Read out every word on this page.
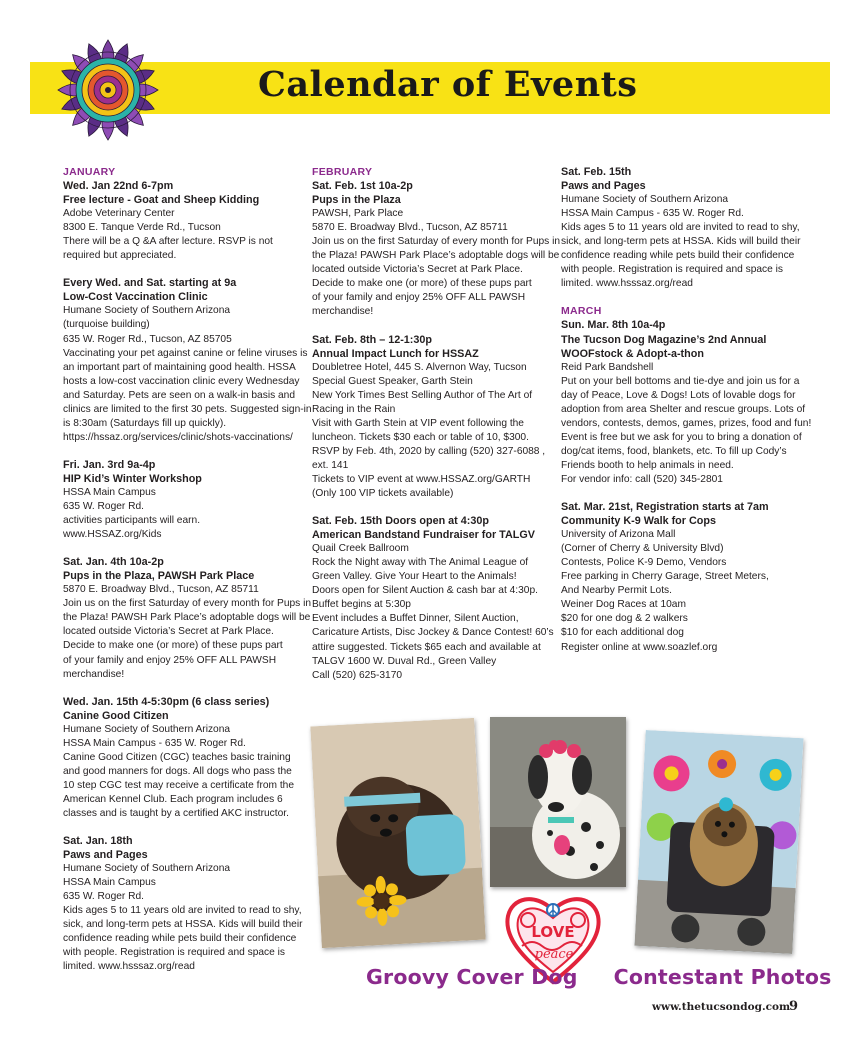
Calendar of Events
JANUARY
Wed. Jan 22nd 6-7pm
Free lecture - Goat and Sheep Kidding
Adobe Veterinary Center
8300 E. Tanque Verde Rd., Tucson
There will be a Q &A after lecture. RSVP is not
required but appreciated.
Every Wed. and Sat. starting at 9a
Low-Cost Vaccination Clinic
Humane Society of Southern Arizona
(turquoise building)
635 W. Roger Rd., Tucson, AZ 85705
Vaccinating your pet against canine or feline viruses is
an important part of maintaining good health. HSSA
hosts a low-cost vaccination clinic every Wednesday
and Saturday. Pets are seen on a walk-in basis and
clinics are limited to the first 30 pets. Suggested sign-in
is 8:30am (Saturdays fill up quickly).
https://hssaz.org/services/clinic/shots-vaccinations/
Fri. Jan. 3rd 9a-4p
HIP Kid’s Winter Workshop
HSSA Main Campus
635 W. Roger Rd.
activities participants will earn.
www.HSSAZ.org/Kids
Sat. Jan. 4th 10a-2p
Pups in the Plaza, PAWSH Park Place
5870 E. Broadway Blvd., Tucson, AZ 85711
Join us on the first Saturday of every month for Pups in
the Plaza! PAWSH Park Place’s adoptable dogs will be
located outside Victoria’s Secret at Park Place.
Decide to make one (or more) of these pups part
of your family and enjoy 25% OFF ALL PAWSH
merchandise!
Wed. Jan. 15th 4-5:30pm (6 class series)
Canine Good Citizen
Humane Society of Southern Arizona
HSSA Main Campus - 635 W. Roger Rd.
Canine Good Citizen (CGC) teaches basic training
and good manners for dogs. All dogs who pass the
10 step CGC test may receive a certificate from the
American Kennel Club. Each program includes 6
classes and is taught by a certified AKC instructor.
Sat. Jan. 18th
Paws and Pages
Humane Society of Southern Arizona
HSSA Main Campus
635 W. Roger Rd.
Kids ages 5 to 11 years old are invited to read to shy,
sick, and long-term pets at HSSA. Kids will build their
confidence reading while pets build their confidence
with people. Registration is required and space is
limited. www.hsssaz.org/read
FEBRUARY
Sat. Feb. 1st 10a-2p
Pups in the Plaza
PAWSH, Park Place
5870 E. Broadway Blvd., Tucson, AZ 85711
Join us on the first Saturday of every month for Pups in
the Plaza! PAWSH Park Place’s adoptable dogs will be
located outside Victoria’s Secret at Park Place.
Decide to make one (or more) of these pups part
of your family and enjoy 25% OFF ALL PAWSH
merchandise!
Sat. Feb. 8th – 12-1:30p
Annual Impact Lunch for HSSAZ
Doubletree Hotel, 445 S. Alvernon Way, Tucson
Special Guest Speaker, Garth Stein
New York Times Best Selling Author of The Art of
Racing in the Rain
Visit with Garth Stein at VIP event following the
luncheon. Tickets $30 each or table of 10, $300.
RSVP by Feb. 4th, 2020 by calling (520) 327-6088 ,
ext. 141
Tickets to VIP event at www.HSSAZ.org/GARTH
(Only 100 VIP tickets available)
Sat. Feb. 15th Doors open at 4:30p
American Bandstand Fundraiser for TALGV
Quail Creek Ballroom
Rock the Night away with The Animal League of
Green Valley. Give Your Heart to the Animals!
Doors open for Silent Auction & cash bar at 4:30p.
Buffet begins at 5:30p
Event includes a Buffet Dinner, Silent Auction,
Caricature Artists, Disc Jockey & Dance Contest! 60’s
attire suggested. Tickets $65 each and available at
TALGV 1600 W. Duval Rd., Green Valley
Call (520) 625-3170
Sat. Feb. 15th
Paws and Pages
Humane Society of Southern Arizona
HSSA Main Campus - 635 W. Roger Rd.
Kids ages 5 to 11 years old are invited to read to shy,
sick, and long-term pets at HSSA. Kids will build their
confidence reading while pets build their confidence
with people. Registration is required and space is
limited. www.hsssaz.org/read
MARCH
Sun. Mar. 8th 10a-4p
The Tucson Dog Magazine’s 2nd Annual
WOOFstock & Adopt-a-thon
Reid Park Bandshell
Put on your bell bottoms and tie-dye and join us for a
day of Peace, Love & Dogs! Lots of lovable dogs for
adoption from area Shelter and rescue groups. Lots of
vendors, contests, demos, games, prizes, food and fun!
Event is free but we ask for you to bring a donation of
dog/cat items, food, blankets, etc. To fill up Cody’s
Friends booth to help animals in need.
For vendor info: call (520) 345-2801
Sat. Mar. 21st, Registration starts at 7am
Community K-9 Walk for Cops
University of Arizona Mall
(Corner of Cherry & University Blvd)
Contests, Police K-9 Demo, Vendors
Free parking in Cherry Garage, Street Meters,
And Nearby Permit Lots.
Weiner Dog Races at 10am
$20 for one dog & 2 walkers
$10 for each additional dog
Register online at www.soazlef.org
LOVE
peace
Groovy Cover Dog Contestant Photos
www.thetucsondog.com
9
